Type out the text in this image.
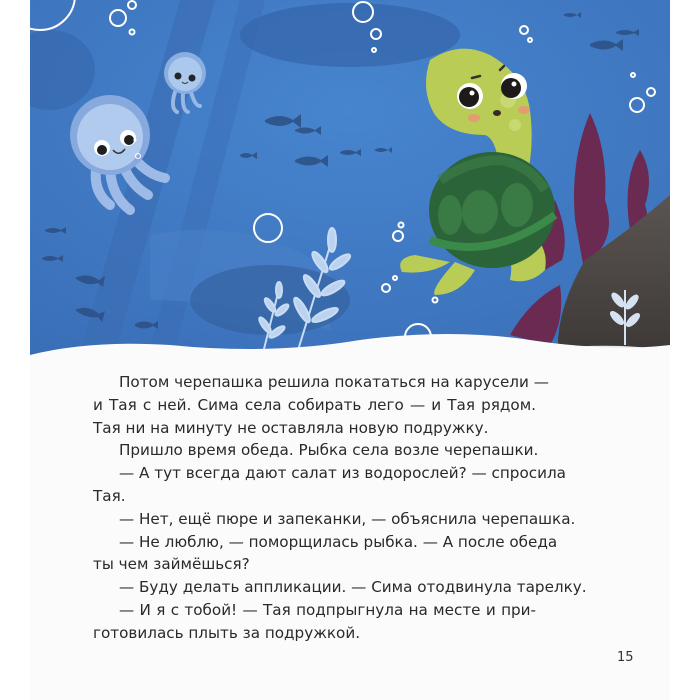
Потом черепашка решила покататься на карусели —
и Тая с ней. Сима села собирать лего — и Тая рядом.
Тая ни на минуту не оставляла новую подружку.
Пришло время обеда. Рыбка села возле черепашки.
— А тут всегда дают салат из водорослей? — спросила
Тая.
— Нет, ещё пюре и запеканки, — объяснила черепашка.
— Не люблю, — поморщилась рыбка. — А после обеда
ты чем займёшься?
— Буду делать аппликации. — Сима отодвинула тарелку.
— И я с тобой! — Тая подпрыгнула на месте и при-
готовилась плыть за подружкой.
15
